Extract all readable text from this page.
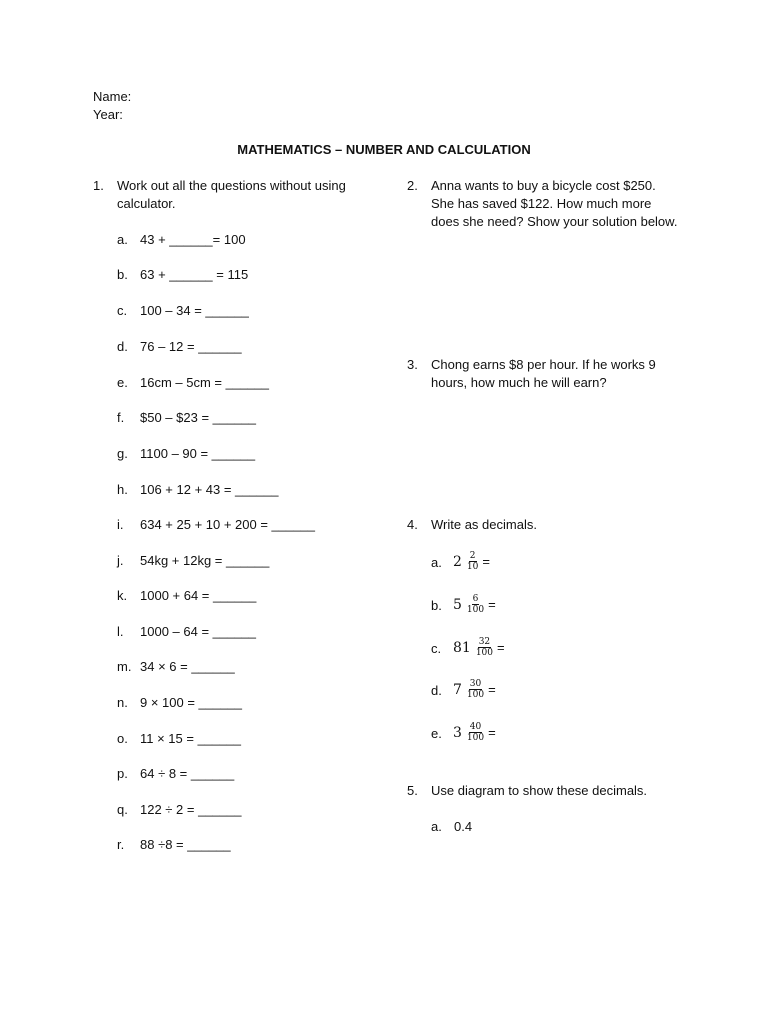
Name:
Year:
MATHEMATICS – NUMBER AND CALCULATION
1. Work out all the questions without using calculator.
a. 43 + ______= 100
b. 63 + ______ = 115
c. 100 – 34 = ______
d. 76 – 12 = ______
e. 16cm – 5cm = ______
f.	$50 – $23 = ______
g. 1100 – 90 = ______
h. 106 + 12 + 43 = ______
i.	634 + 25 + 10 + 200 = ______
j.	54kg + 12kg = ______
k. 1000 + 64 = ______
l.	1000 – 64 = ______
m. 34 × 6 = ______
n. 9 × 100 = ______
o. 11 × 15 = ______
p. 64 ÷ 8 = ______
q. 122 ÷ 2 = ______
r.	88 ÷8 = ______
2. Anna wants to buy a bicycle cost $250. She has saved $122. How much more does she need? Show your solution below.
3. Chong earns $8 per hour. If he works 9 hours, how much he will earn?
4. Write as decimals.
a. $2 \frac{2}{10}$ =
b. $5 \frac{6}{100}$ =
c. $81 \frac{32}{100}$ =
d. $7 \frac{30}{100}$ =
e. $3 \frac{40}{100}$ =
5. Use diagram to show these decimals.
a. 0.4
